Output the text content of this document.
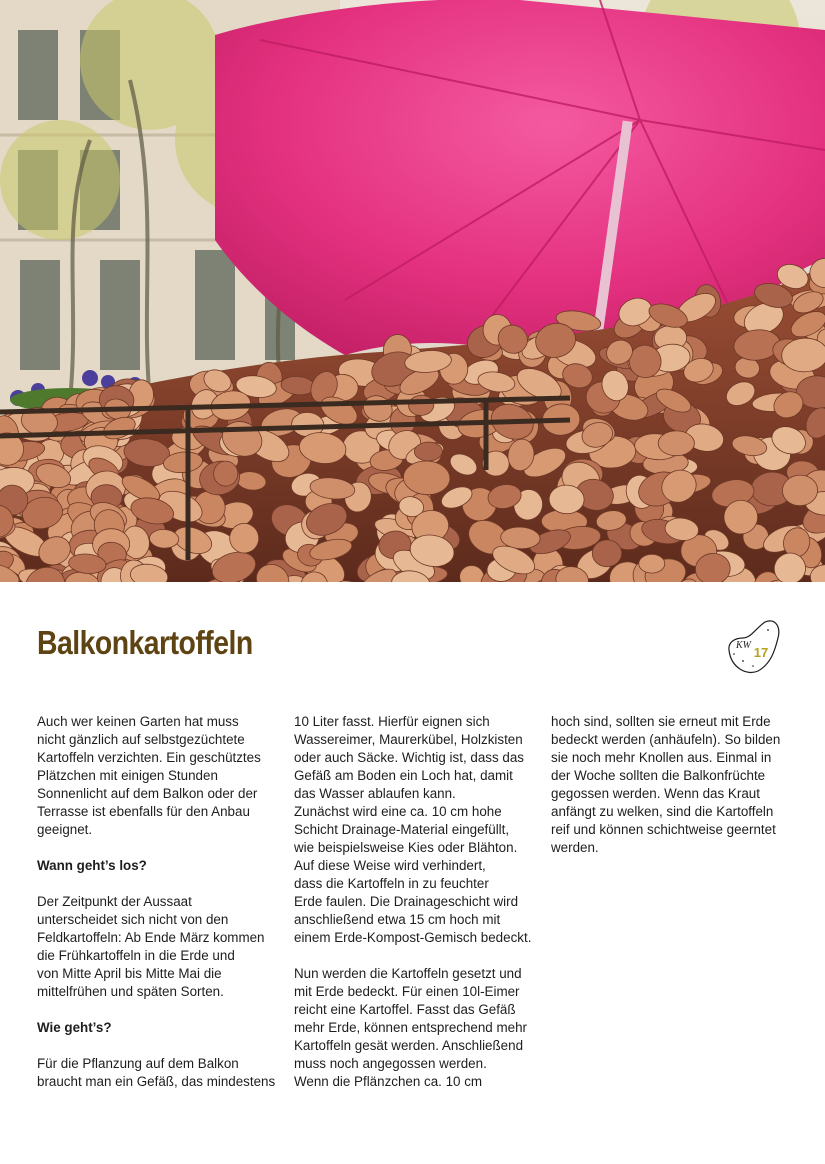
Balkonkartoffeln	KW 17
Auch wer keinen Garten hat muss
nicht gänzlich auf selbstgezüchtete
Kartoffeln verzichten. Ein geschütztes
Plätzchen mit einigen Stunden
Sonnenlicht auf dem Balkon oder der
Terrasse ist ebenfalls für den Anbau
geeignet.
Wann geht’s los?
Der Zeitpunkt der Aussaat
unterscheidet sich nicht von den
Feldkartoffeln: Ab Ende März kommen
die Frühkartoffeln in die Erde und
von Mitte April bis Mitte Mai die
mittelfrühen und späten Sorten.
Wie geht’s?
Für die Pflanzung auf dem Balkon
braucht man ein Gefäß, das mindestens
10 Liter fasst. Hierfür eignen sich
Wassereimer, Maurerkübel, Holzkisten
oder auch Säcke. Wichtig ist, dass das
Gefäß am Boden ein Loch hat, damit
das Wasser ablaufen kann.
Zunächst wird eine ca. 10 cm hohe
Schicht Drainage-Material eingefüllt,
wie beispielsweise Kies oder Blähton.
Auf diese Weise wird verhindert,
dass die Kartoffeln in zu feuchter
Erde faulen. Die Drainageschicht wird
anschließend etwa 15 cm hoch mit
einem Erde-Kompost-Gemisch bedeckt.
Nun werden die Kartoffeln gesetzt und
mit Erde bedeckt. Für einen 10l-Eimer
reicht eine Kartoffel. Fasst das Gefäß
mehr Erde, können entsprechend mehr
Kartoffeln gesät werden. Anschließend
muss noch angegossen werden.
Wenn die Pflänzchen ca. 10 cm
hoch sind, sollten sie erneut mit Erde
bedeckt werden (anhäufeln). So bilden
sie noch mehr Knollen aus. Einmal in
der Woche sollten die Balkonfrüchte
gegossen werden. Wenn das Kraut
anfängt zu welken, sind die Kartoffeln
reif und können schichtweise geerntet
werden.
